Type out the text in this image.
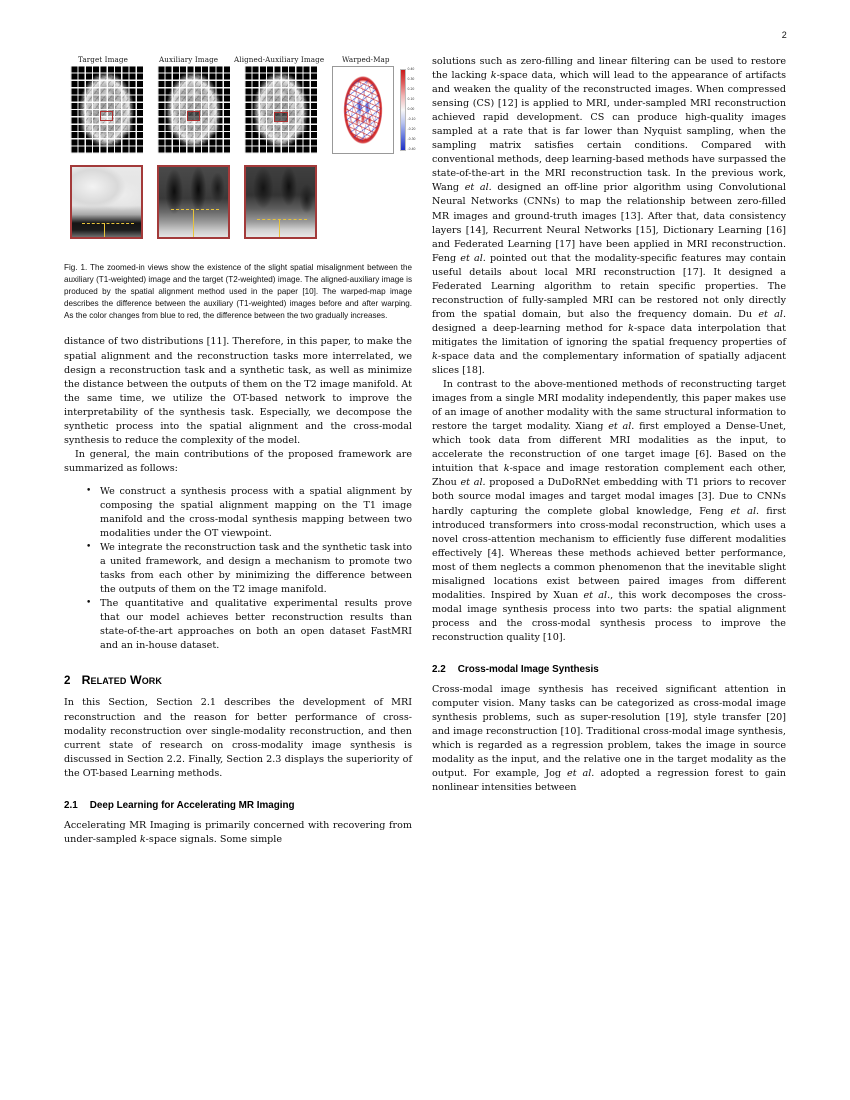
2
Target Image	Auxiliary Image Aligned-Auxiliary Image Warped-Map
0.40
0.30
0.20
0.10
0.00
-0.10
-0.20
-0.30
-0.40
Fig. 1. The zoomed-in views show the existence of the slight spatial misalignment between the auxiliary (T1-weighted) image and the target (T2-weighted) image. The aligned-auxiliary image is produced by the spatial alignment method used in the paper [10]. The warped-map image describes the difference between the auxiliary (T1-weighted) images before and after warping. As the color changes from blue to red, the difference between the two gradually increases.

distance of two distributions [11]. Therefore, in this paper, to make the spatial alignment and the reconstruction tasks more interrelated, we design a reconstruction task and a synthetic task, as well as minimize the distance between the outputs of them on the T2 image manifold. At the same time, we utilize the OT-based network to improve the interpretability of the synthesis task. Especially, we decompose the synthetic process into the spatial alignment and the cross-modal synthesis to reduce the complexity of the model.

In general, the main contributions of the proposed framework are summarized as follows:

• We construct a synthesis process with a spatial alignment by composing the spatial alignment mapping on the T1 image manifold and the cross-modal synthesis mapping between two modalities under the OT viewpoint.
• We integrate the reconstruction task and the synthetic task into a united framework, and design a mechanism to promote two tasks from each other by minimizing the difference between the outputs of them on the T2 image manifold.
• The quantitative and qualitative experimental results prove that our model achieves better reconstruction results than state-of-the-art approaches on both an open dataset FastMRI and an in-house dataset.
2 Related Work

In this Section, Section 2.1 describes the development of MRI reconstruction and the reason for better performance of cross-modality reconstruction over single-modality reconstruction, and then current state of research on cross-modality image synthesis is discussed in Section 2.2. Finally, Section 2.3 displays the superiority of the OT-based Learning methods.

2.1 Deep Learning for Accelerating MR Imaging

Accelerating MR Imaging is primarily concerned with recovering from under-sampled k-space signals. Some simple

solutions such as zero-filling and linear filtering can be used to restore the lacking k-space data, which will lead to the appearance of artifacts and weaken the quality of the reconstructed images. When compressed sensing (CS) [12] is applied to MRI, under-sampled MRI reconstruction achieved rapid development. CS can produce high-quality images sampled at a rate that is far lower than Nyquist sampling, when the sampling matrix satisfies certain conditions. Compared with conventional methods, deep learning-based methods have surpassed the state-of-the-art in the MRI reconstruction task. In the previous work, Wang et al. designed an off-line prior algorithm using Convolutional Neural Networks (CNNs) to map the relationship between zero-filled MR images and ground-truth images [13]. After that, data consistency layers [14], Recurrent Neural Networks [15], Dictionary Learning [16] and Federated Learning [17] have been applied in MRI reconstruction. Feng et al. pointed out that the modality-specific features may contain useful details about local MRI reconstruction [17]. It designed a Federated Learning algorithm to retain specific properties. The reconstruction of fully-sampled MRI can be restored not only directly from the spatial domain, but also the frequency domain. Du et al. designed a deep-learning method for k-space data interpolation that mitigates the limitation of ignoring the spatial frequency properties of k-space data and the complementary information of spatially adjacent slices [18].

In contrast to the above-mentioned methods of reconstructing target images from a single MRI modality independently, this paper makes use of an image of another modality with the same structural information to restore the target modality. Xiang et al. first employed a Dense-Unet, which took data from different MRI modalities as the input, to accelerate the reconstruction of one target image [6]. Based on the intuition that k-space and image restoration complement each other, Zhou et al. proposed a DuDoRNet embedding with T1 priors to recover both source modal images and target modal images [3]. Due to CNNs hardly capturing the complete global knowledge, Feng et al. first introduced transformers into cross-modal reconstruction, which uses a novel cross-attention mechanism to efficiently fuse different modalities effectively [4]. Whereas these methods achieved better performance, most of them neglects a common phenomenon that the inevitable slight misaligned locations exist between paired images from different modalities. Inspired by Xuan et al., this work decomposes the cross-modal image synthesis process into two parts: the spatial alignment process and the cross-modal synthesis process to improve the reconstruction quality [10].

2.2 Cross-modal Image Synthesis

Cross-modal image synthesis has received significant attention in computer vision. Many tasks can be categorized as cross-modal image synthesis problems, such as super-resolution [19], style transfer [20] and image reconstruction [10]. Traditional cross-modal image synthesis, which is regarded as a regression problem, takes the image in source modality as the input, and the relative one in the target modality as the output. For example, Jog et al. adopted a regression forest to gain nonlinear intensities between
